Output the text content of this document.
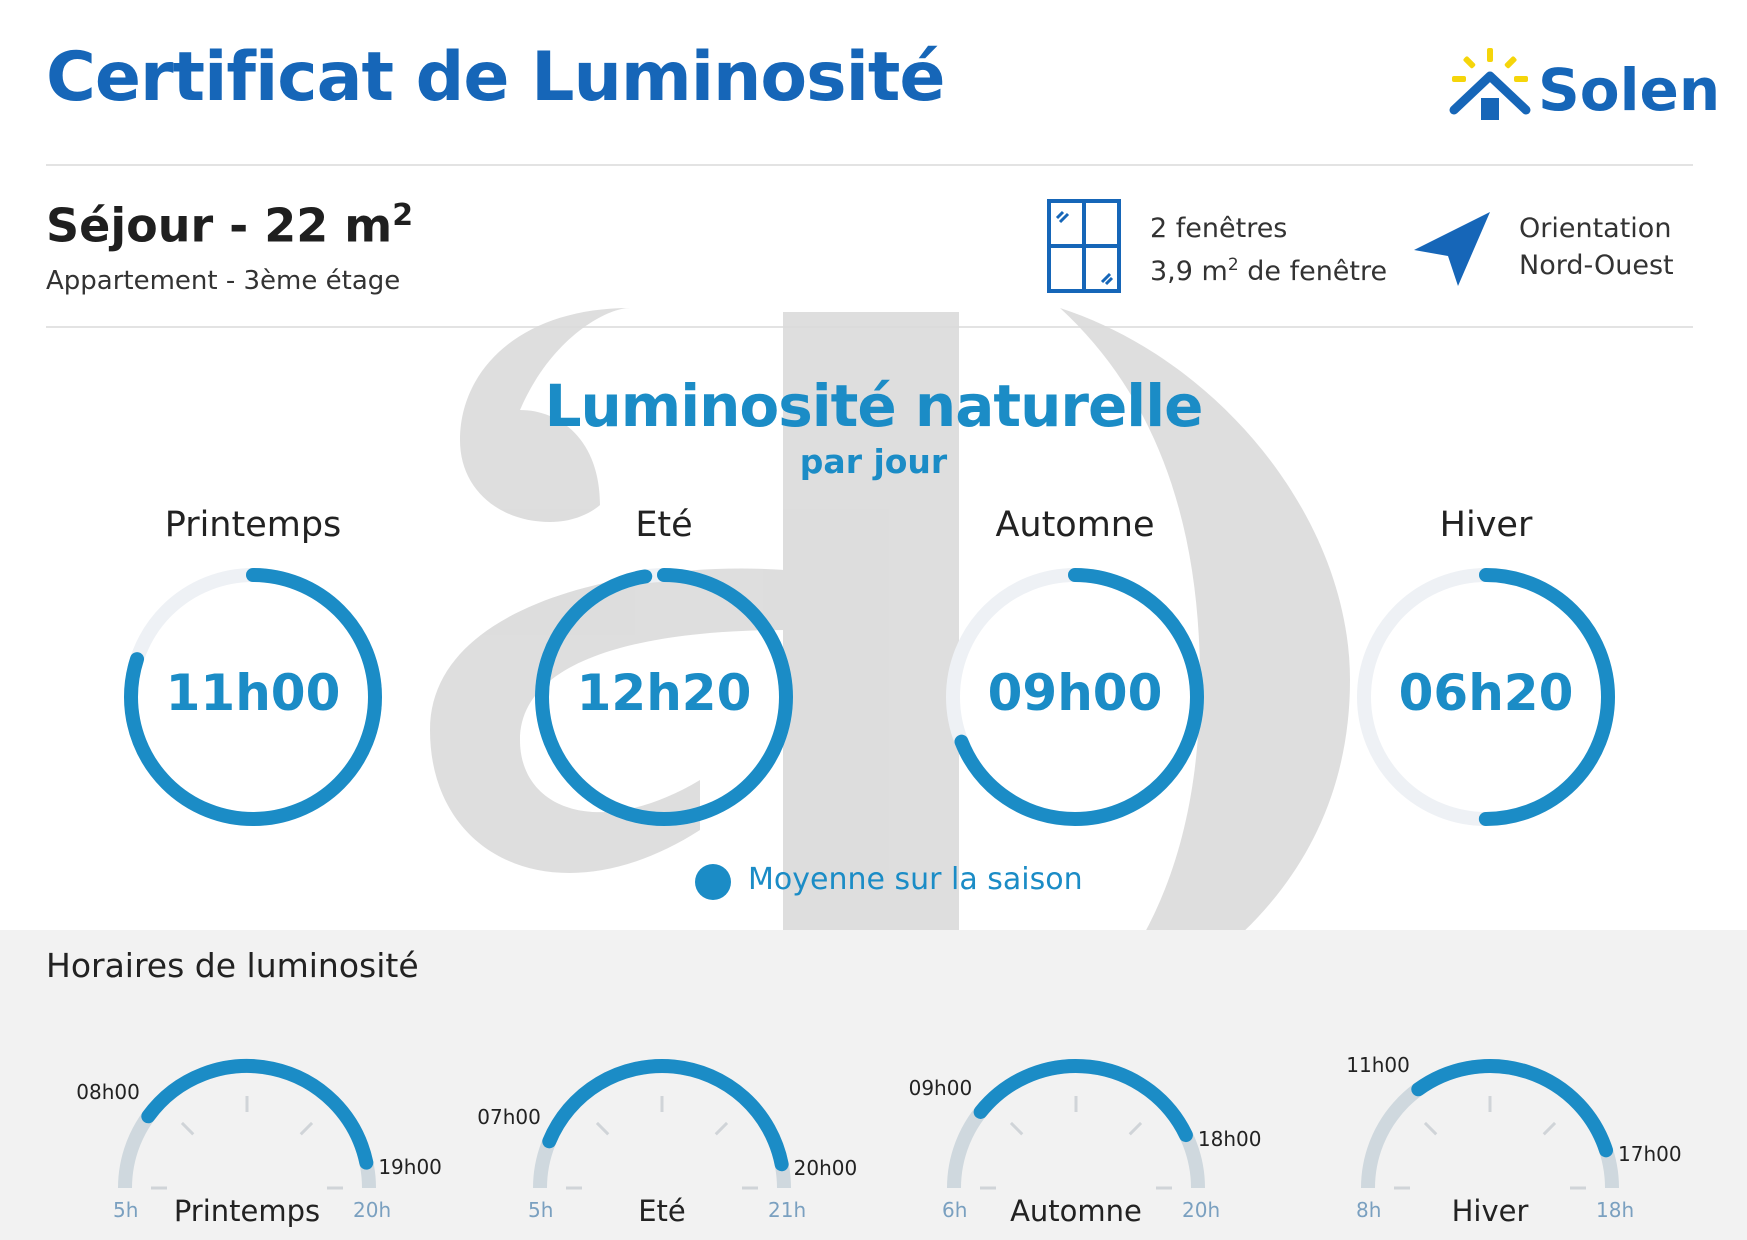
Certificat de Luminosité	Solen
Séjour - 22 $m^2$
Appartement - 3ème étage
2 fenêtres
3,9 $m^2$ de fenêtre
Orientation
Nord-Ouest
Luminosité naturelle
par jour
Printemps
11h00
Eté
12h20
Automne
09h00
Hiver
06h20
Moyenne sur la saison
Horaires de luminosité
08h00
19h00
5h	20h
Printemps
07h00
20h00
5h	21h
Eté
09h00
18h00
6h	20h
Automne
11h00
17h00
8h	18h
Hiver
